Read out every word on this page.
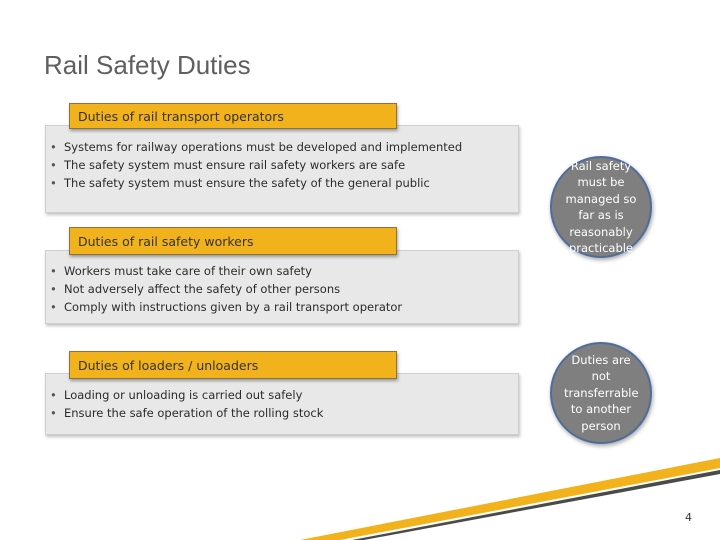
Rail Safety Duties
Duties of rail transport operators
• Systems for railway operations must be developed and implemented
• The safety system must ensure rail safety workers are safe
• The safety system must ensure the safety of the general public
Duties of rail safety workers
• Workers must take care of their own safety
• Not adversely affect the safety of other persons
• Comply with instructions given by a rail transport operator
Duties of loaders / unloaders
• Loading or unloading is carried out safely
• Ensure the safe operation of the rolling stock
Rail safety must be managed so far as is reasonably practicable
Duties are not transferrable to another person
4
